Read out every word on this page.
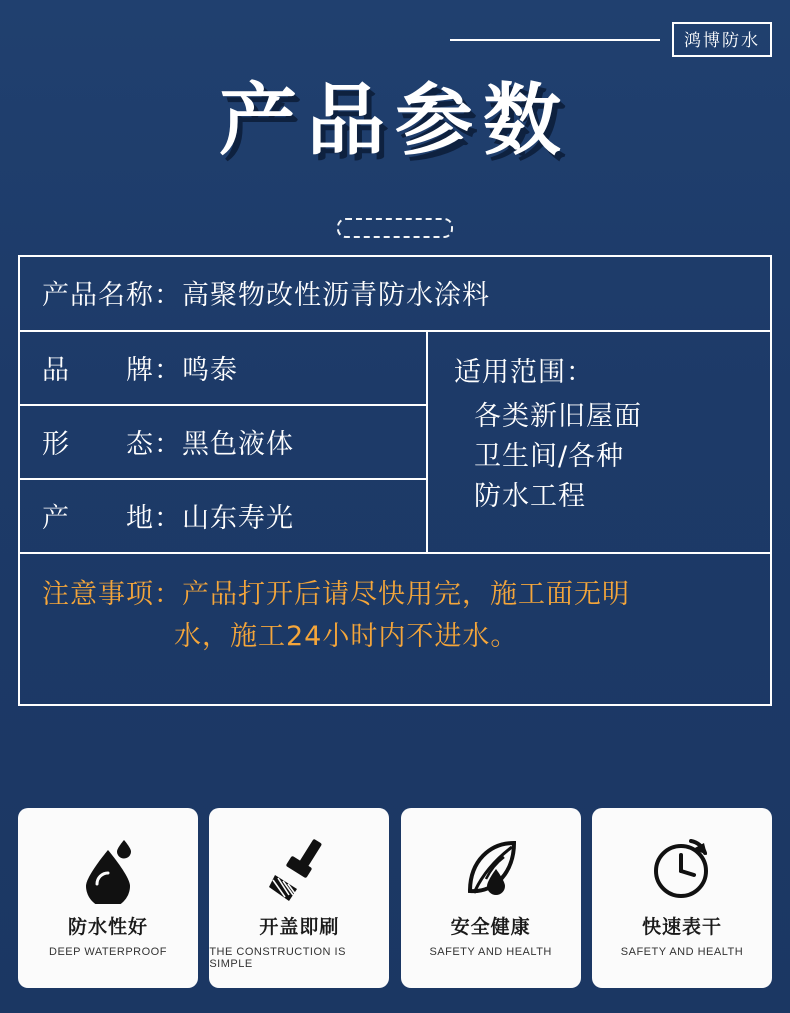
鸿博防水
产品参数
产品名称：高聚物改性沥青防水涂料
品　　牌：鸣泰
形　　态：黑色液体
产　　地：山东寿光
适用范围：
各类新旧屋面
卫生间/各种
防水工程
注意事项：产品打开后请尽快用完，施工面无明
水，施工24小时内不进水。
防水性好
DEEP WATERPROOF
开盖即刷
THE CONSTRUCTION IS SIMPLE
安全健康
SAFETY AND HEALTH
快速表干
SAFETY AND HEALTH
